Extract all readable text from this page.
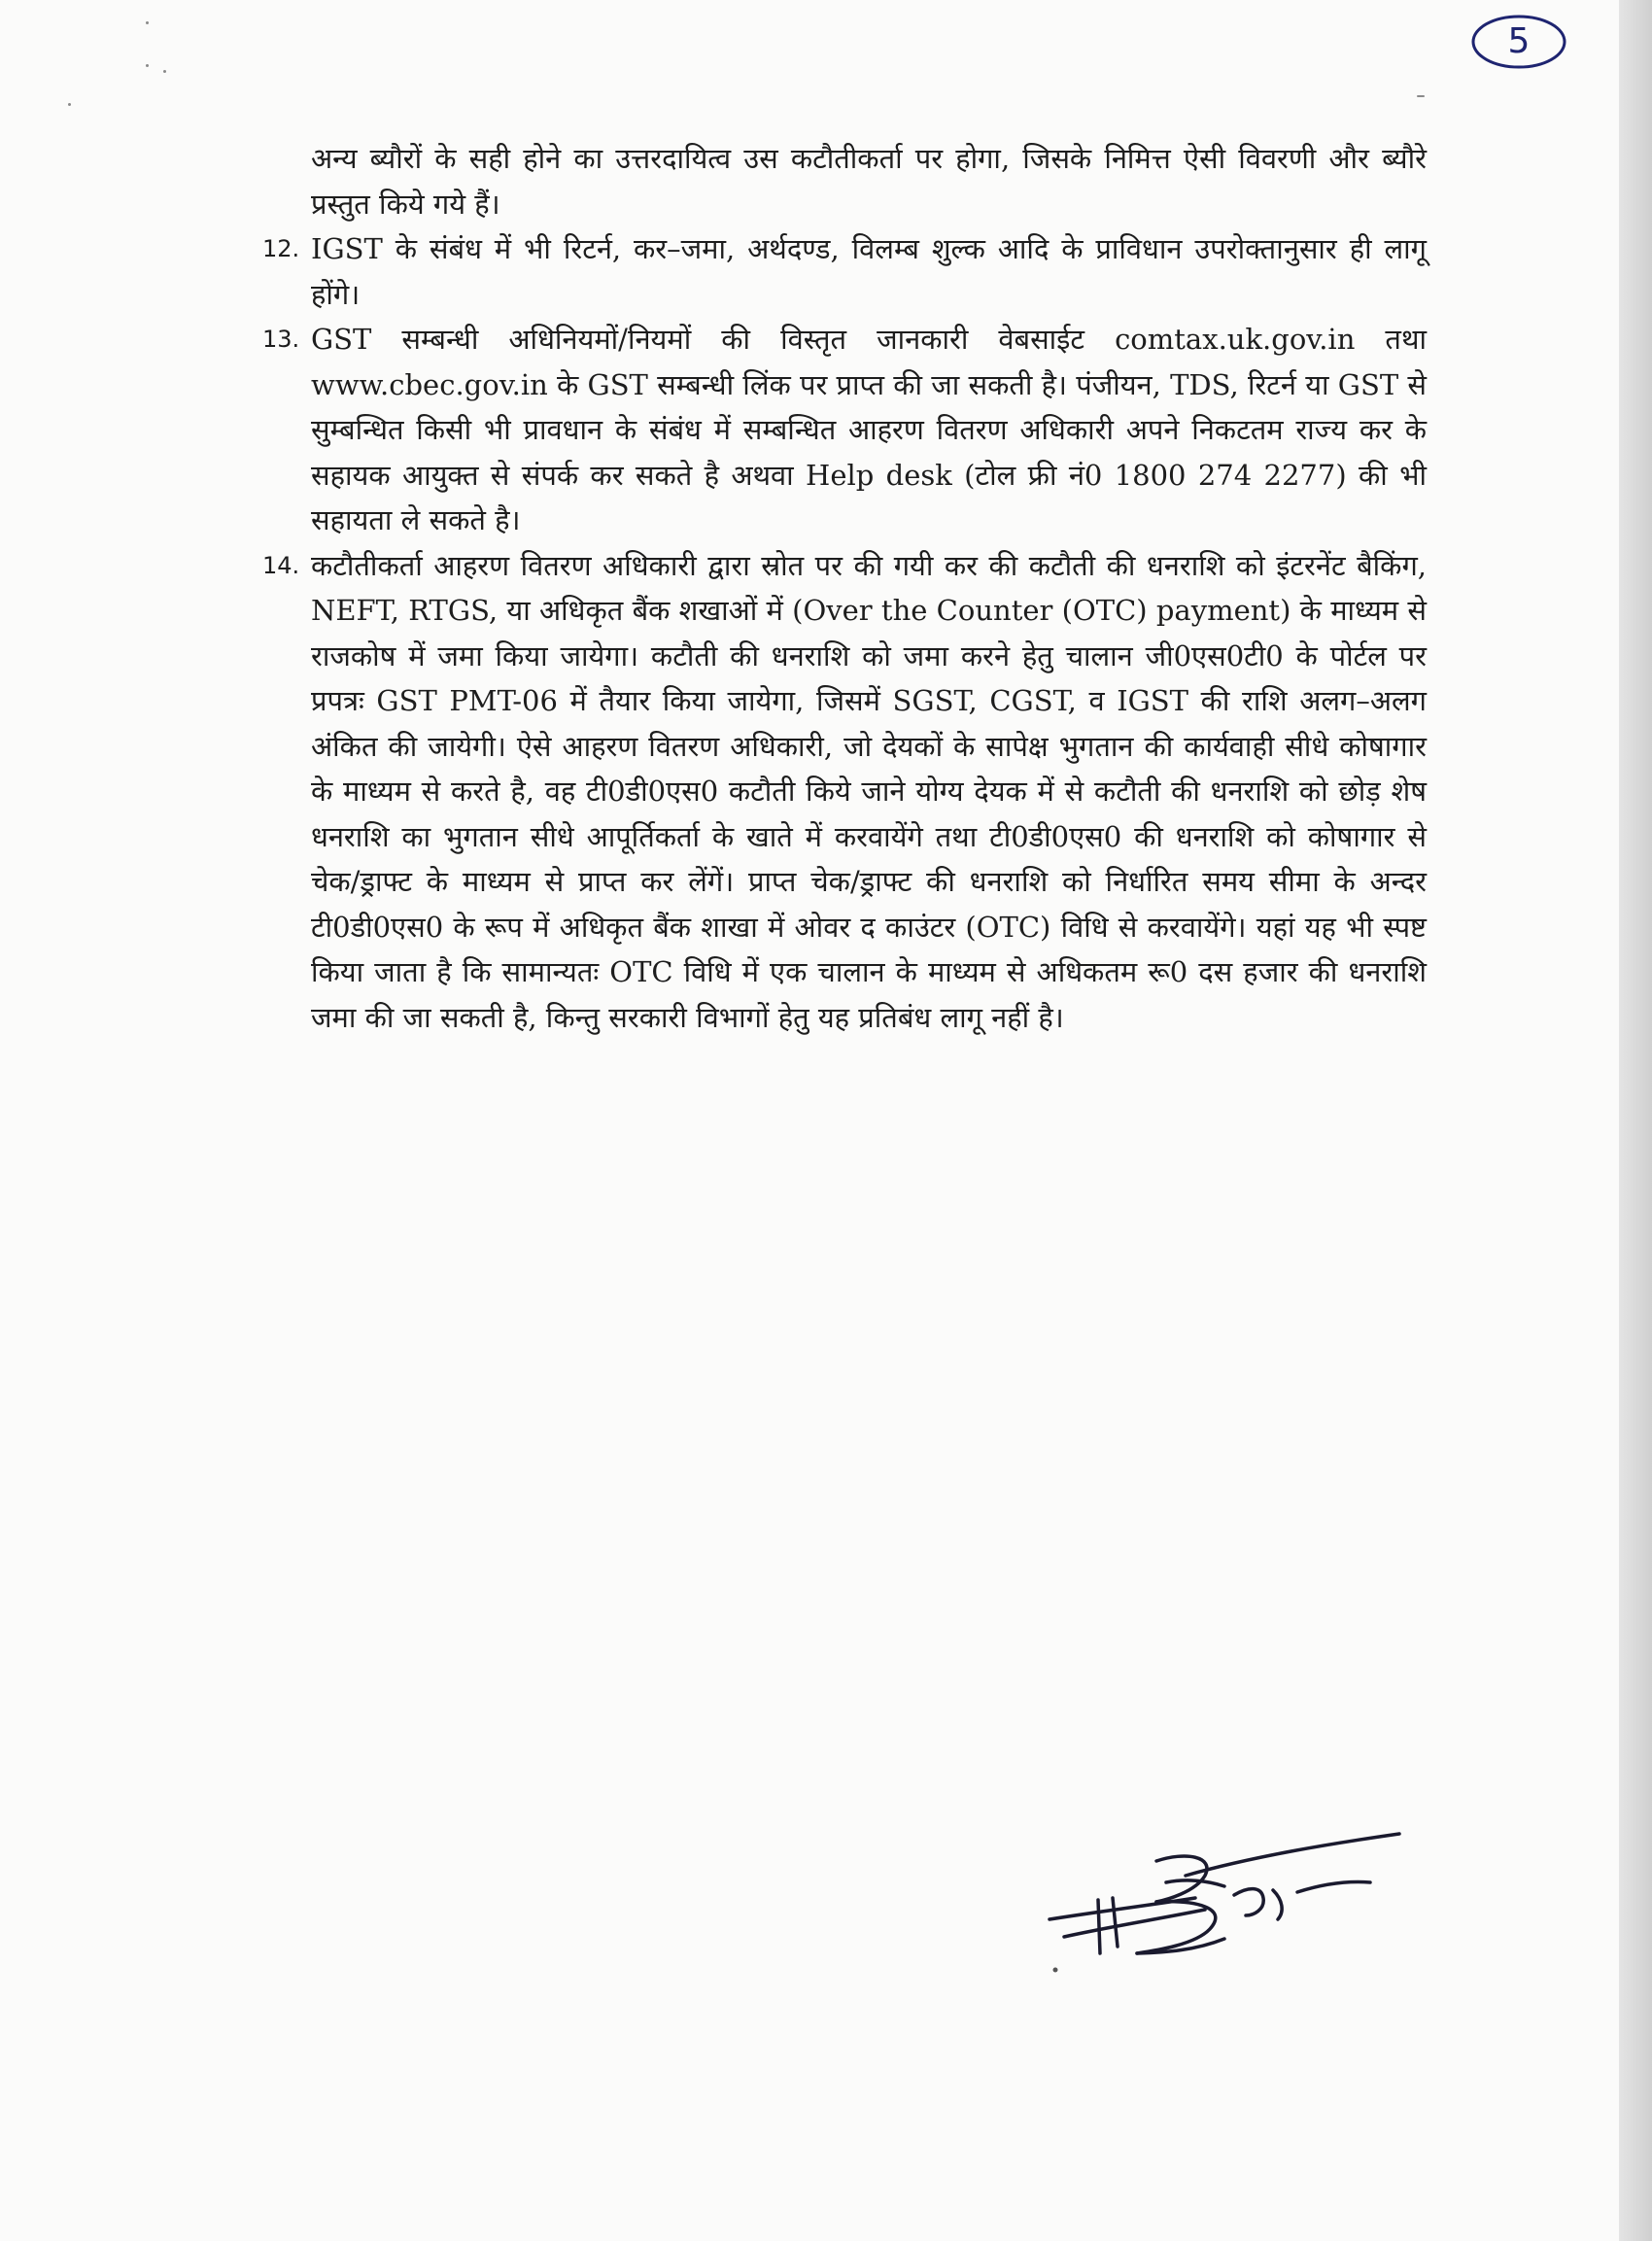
5

अन्य ब्यौरों के सही होने का उत्तरदायित्व उस कटौतीकर्ता पर होगा, जिसके निमित्त ऐसी विवरणी और ब्यौरे प्रस्तुत किये गये हैं।

12. IGST के संबंध में भी रिटर्न, कर–जमा, अर्थदण्ड, विलम्ब शुल्क आदि के प्राविधान उपरोक्तानुसार ही लागू होंगे।
13. GST सम्बन्धी अधिनियमों/नियमों की विस्तृत जानकारी वेबसाईट comtax.uk.gov.in तथा www.cbec.gov.in के GST सम्बन्धी लिंक पर प्राप्त की जा सकती है। पंजीयन, TDS, रिटर्न या GST से सुम्बन्धित किसी भी प्रावधान के संबंध में सम्बन्धित आहरण वितरण अधिकारी अपने निकटतम राज्य कर के सहायक आयुक्त से संपर्क कर सकते है अथवा Help desk (टोल फ्री नं0 1800 274 2277) की भी सहायता ले सकते है।
14. कटौतीकर्ता आहरण वितरण अधिकारी द्वारा स्रोत पर की गयी कर की कटौती की धनराशि को इंटरनेंट बैकिंग, NEFT, RTGS, या अधिकृत बैंक शखाओं में (Over the Counter (OTC) payment) के माध्यम से राजकोष में जमा किया जायेगा। कटौती की धनराशि को जमा करने हेतु चालान जी0एस0टी0 के पोर्टल पर प्रपत्रः GST PMT-06 में तैयार किया जायेगा, जिसमें SGST, CGST, व IGST की राशि अलग–अलग अंकित की जायेगी। ऐसे आहरण वितरण अधिकारी, जो देयकों के सापेक्ष भुगतान की कार्यवाही सीधे कोषागार के माध्यम से करते है, वह टी0डी0एस0 कटौती किये जाने योग्य देयक में से कटौती की धनराशि को छोड़ शेष धनराशि का भुगतान सीधे आपूर्तिकर्ता के खाते में करवायेंगे तथा टी0डी0एस0 की धनराशि को कोषागार से चेक/ड्राफ्ट के माध्यम से प्राप्त कर लेंगें। प्राप्त चेक/ड्राफ्ट की धनराशि को निर्धारित समय सीमा के अन्दर टी0डी0एस0 के रूप में अधिकृत बैंक शाखा में ओवर द काउंटर (OTC) विधि से करवायेंगे। यहां यह भी स्पष्ट किया जाता है कि सामान्यतः OTC विधि में एक चालान के माध्यम से अधिकतम रू0 दस हजार की धनराशि जमा की जा सकती है, किन्तु सरकारी विभागों हेतु यह प्रतिबंध लागू नहीं है।
